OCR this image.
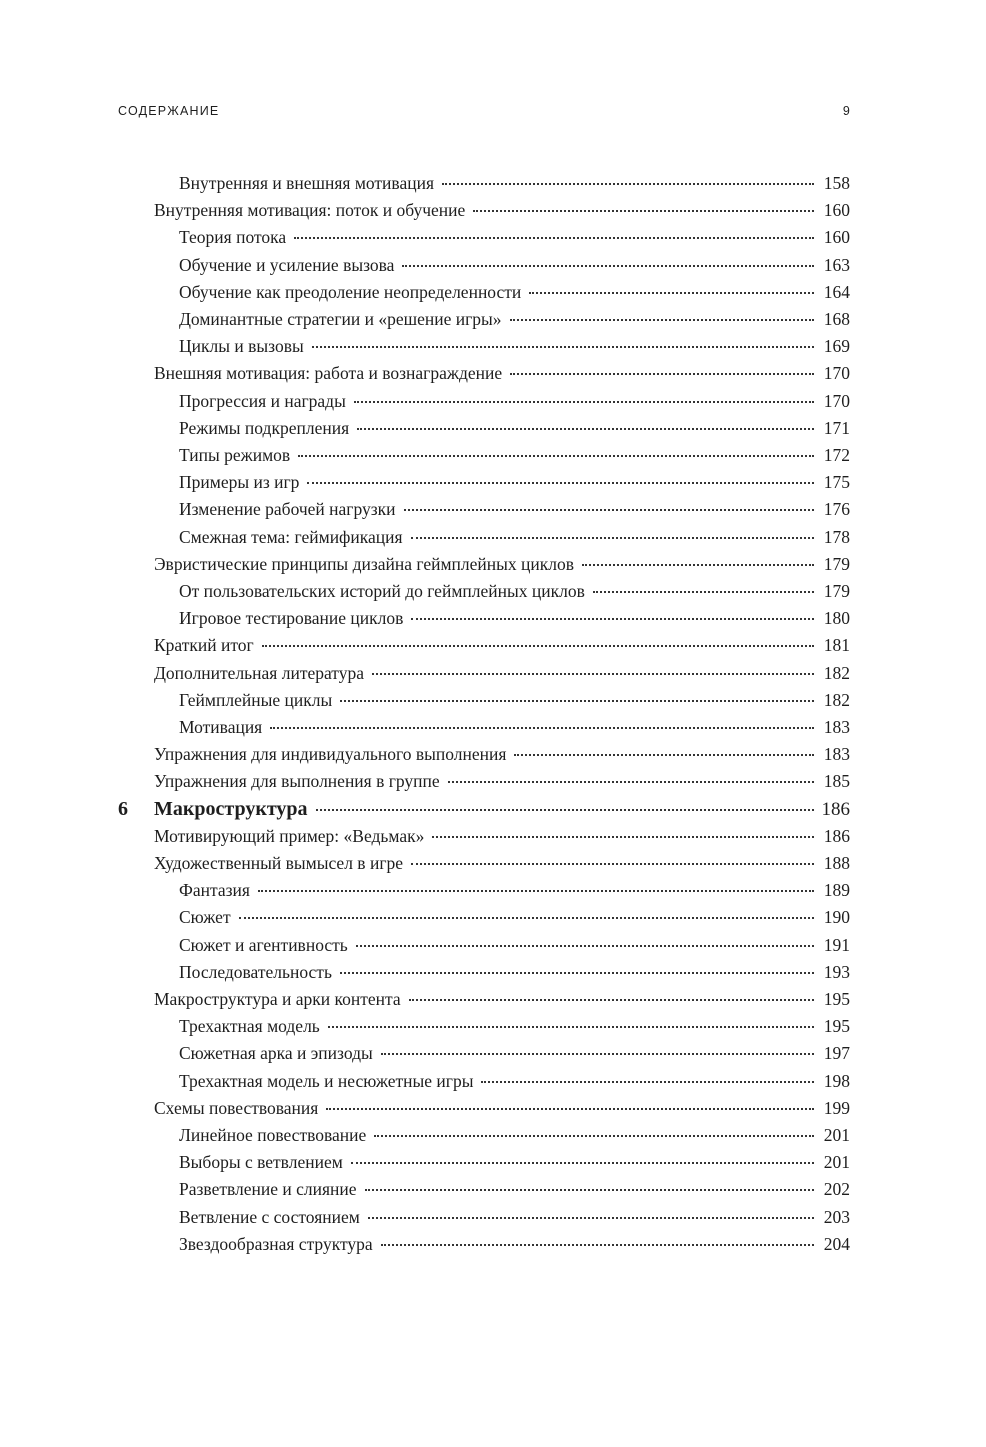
СОДЕРЖАНИЕ	9
Внутренняя и внешняя мотивация	158
Внутренняя мотивация: поток и обучение	160
Теория потока	160
Обучение и усиление вызова	163
Обучение как преодоление неопределенности	164
Доминантные стратегии и «решение игры»	168
Циклы и вызовы	169
Внешняя мотивация: работа и вознаграждение	170
Прогрессия и награды	170
Режимы подкрепления	171
Типы режимов	172
Примеры из игр	175
Изменение рабочей нагрузки	176
Смежная тема: геймификация	178
Эвристические принципы дизайна геймплейных циклов	179
От пользовательских историй до геймплейных циклов	179
Игровое тестирование циклов	180
Краткий итог	181
Дополнительная литература	182
Геймплейные циклы	182
Мотивация	183
Упражнения для индивидуального выполнения	183
Упражнения для выполнения в группе	185
6	Макроструктура	186
Мотивирующий пример: «Ведьмак»	186
Художественный вымысел в игре	188
Фантазия	189
Сюжет	190
Сюжет и агентивность	191
Последовательность	193
Макроструктура и арки контента	195
Трехактная модель	195
Сюжетная арка и эпизоды	197
Трехактная модель и несюжетные игры	198
Схемы повествования	199
Линейное повествование	201
Выборы с ветвлением	201
Разветвление и слияние	202
Ветвление с состоянием	203
Звездообразная структура	204
